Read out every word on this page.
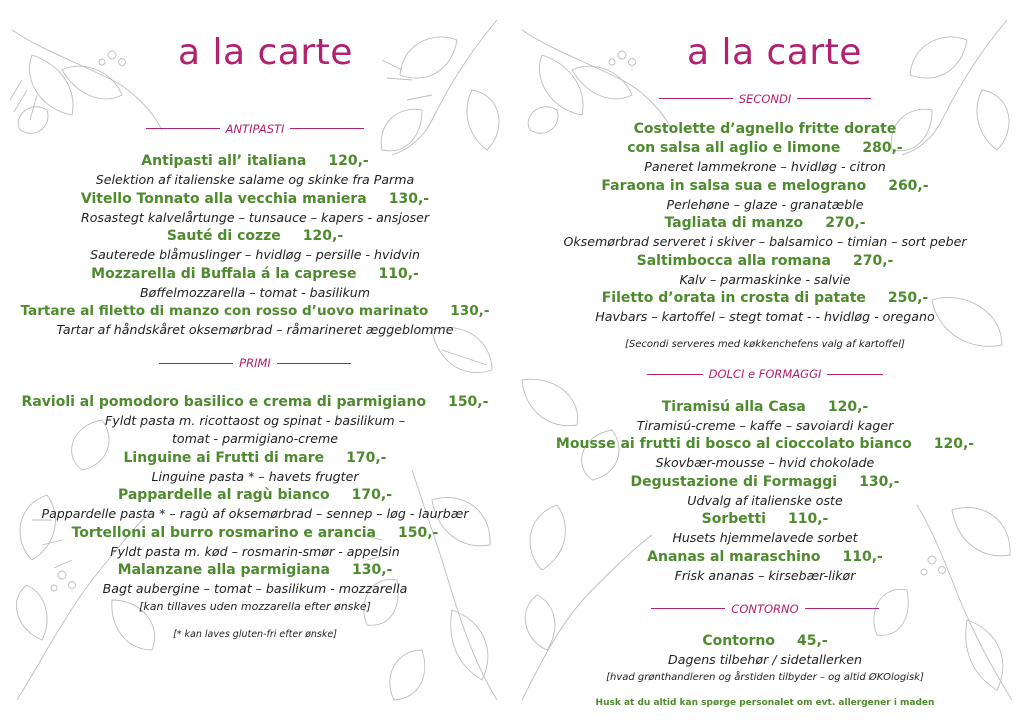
a la carte
ANTIPASTI
Antipasti all’ italiana 120,-
Selektion af italienske salame og skinke fra Parma
Vitello Tonnato alla vecchia maniera 130,-
Rosastegt kalvelårtunge – tunsauce – kapers - ansjoser
Sauté di cozze 120,-
Sauterede blåmuslinger – hvidløg – persille - hvidvin
Mozzarella di Buffala á la caprese 110,-
Bøffelmozzarella – tomat - basilikum
Tartare al filetto di manzo con rosso d’uovo marinato 130,-
Tartar af håndskåret oksemørbrad – råmarineret æggeblomme
PRIMI
Ravioli al pomodoro basilico e crema di parmigiano 150,-
Fyldt pasta m. ricottaost og spinat - basilikum –
tomat - parmigiano-creme
Linguine ai Frutti di mare 170,-
Linguine pasta * – havets frugter
Pappardelle al ragù bianco 170,-
Pappardelle pasta * – ragù af oksemørbrad – sennep – løg - laurbær
Tortelloni al burro rosmarino e arancia 150,-
Fyldt pasta m. kød – rosmarin-smør - appelsin
Malanzane alla parmigiana 130,-
Bagt aubergine – tomat – basilikum - mozzarella
[kan tillaves uden mozzarella efter ønske]
[* kan laves gluten-fri efter ønske]
a la carte
SECONDI
Costolette d’agnello fritte dorate
con salsa all aglio e limone 280,-
Paneret lammekrone – hvidløg - citron
Faraona in salsa sua e melograno 260,-
Perlehøne – glaze - granatæble
Tagliata di manzo 270,-
Oksemørbrad serveret i skiver – balsamico – timian – sort peber
Saltimbocca alla romana 270,-
Kalv – parmaskinke - salvie
Filetto d’orata in crosta di patate 250,-
Havbars – kartoffel – stegt tomat - - hvidløg - oregano
[Secondi serveres med køkkenchefens valg af kartoffel]
DOLCI e FORMAGGI
Tiramisú alla Casa 120,-
Tiramisú-creme – kaffe – savoiardi kager
Mousse ai frutti di bosco al cioccolato bianco 120,-
Skovbær-mousse – hvid chokolade
Degustazione di Formaggi 130,-
Udvalg af italienske oste
Sorbetti 110,-
Husets hjemmelavede sorbet
Ananas al maraschino 110,-
Frisk ananas – kirsebær-likør
CONTORNO
Contorno 45,-
Dagens tilbehør / sidetallerken
[hvad grønthandleren og årstiden tilbyder – og altid ØKOlogisk]
Husk at du altid kan spørge personalet om evt. allergener i maden
